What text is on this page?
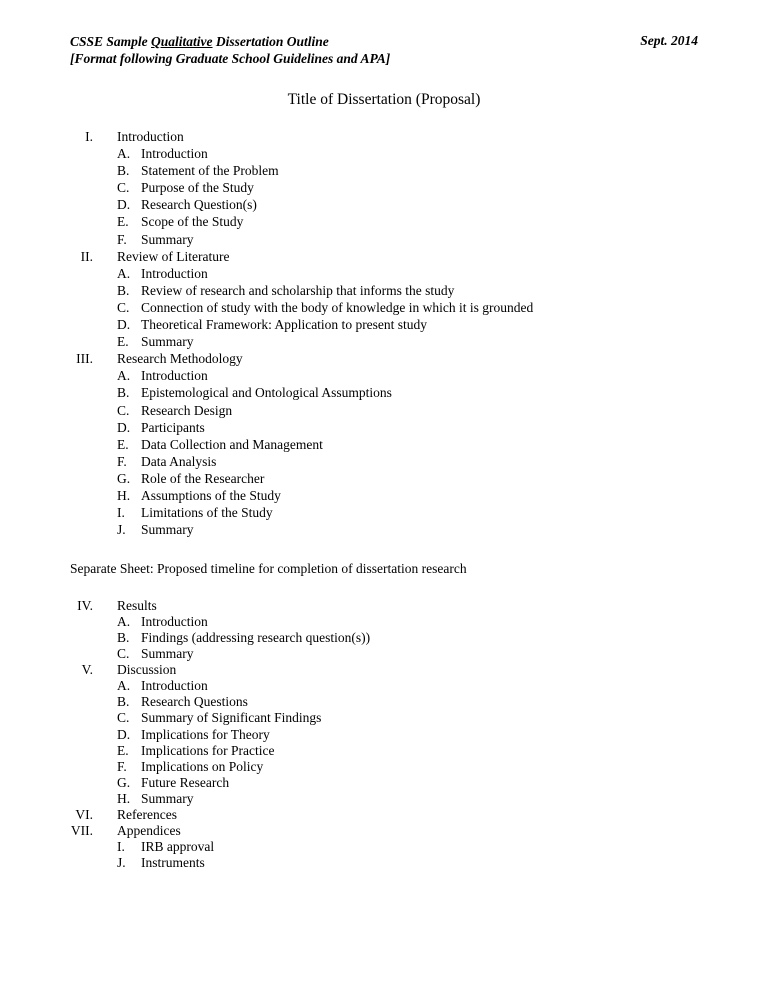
CSSE Sample Qualitative Dissertation Outline
[Format following Graduate School Guidelines and APA]
Sept. 2014
Title of Dissertation (Proposal)
I. Introduction
A. Introduction
B. Statement of the Problem
C. Purpose of the Study
D. Research Question(s)
E. Scope of the Study
F. Summary
II. Review of Literature
A. Introduction
B. Review of research and scholarship that informs the study
C. Connection of study with the body of knowledge in which it is grounded
D. Theoretical Framework: Application to present study
E. Summary
III. Research Methodology
A. Introduction
B. Epistemological and Ontological Assumptions
C. Research Design
D. Participants
E. Data Collection and Management
F. Data Analysis
G. Role of the Researcher
H. Assumptions of the Study
I. Limitations of the Study
J. Summary
Separate Sheet: Proposed timeline for completion of dissertation research
IV. Results
A. Introduction
B. Findings (addressing research question(s))
C. Summary
V. Discussion
A. Introduction
B. Research Questions
C. Summary of Significant Findings
D. Implications for Theory
E. Implications for Practice
F. Implications on Policy
G. Future Research
H. Summary
VI. References
VII. Appendices
I. IRB approval
J. Instruments
